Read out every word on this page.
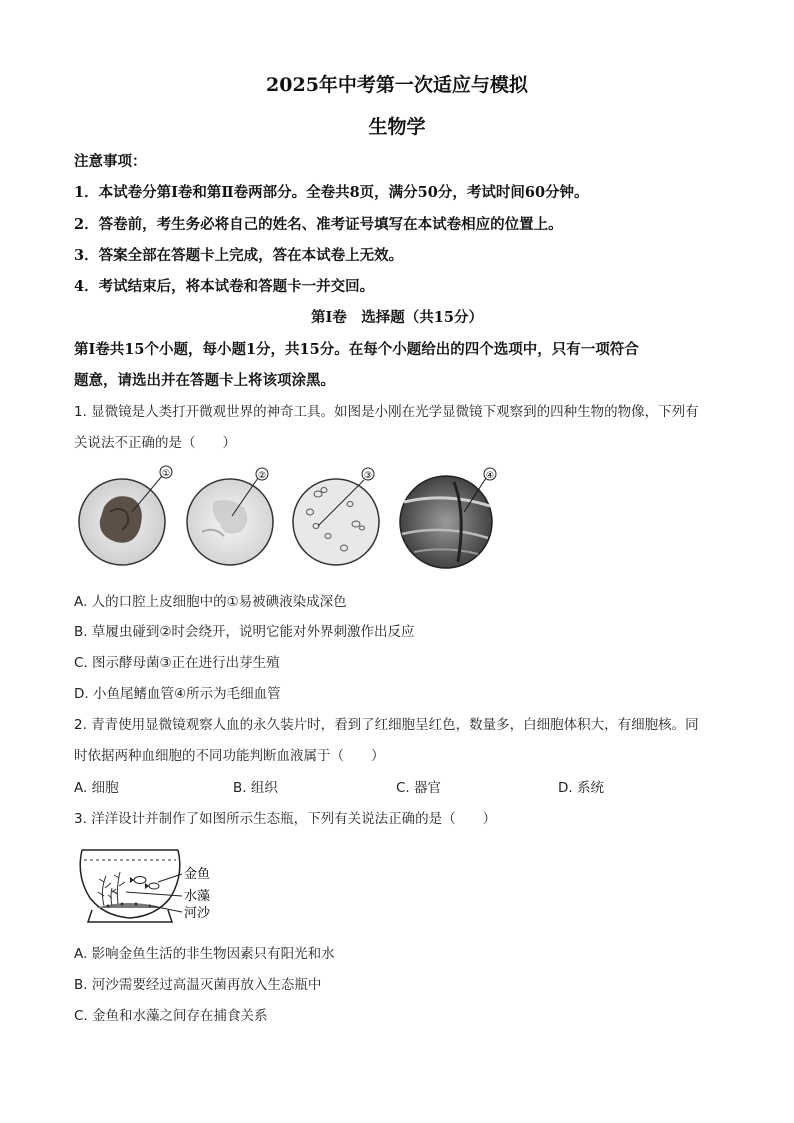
2025年中考第一次适应与模拟
生物学
注意事项：
1．本试卷分第Ⅰ卷和第Ⅱ卷两部分。全卷共8页，满分50分，考试时间60分钟。
2．答卷前，考生务必将自己的姓名、准考证号填写在本试卷相应的位置上。
3．答案全部在答题卡上完成，答在本试卷上无效。
4．考试结束后，将本试卷和答题卡一并交回。
第Ⅰ卷　选择题（共15分）
第Ⅰ卷共15个小题，每小题1分，共15分。在每个小题给出的四个选项中，只有一项符合
题意，请选出并在答题卡上将该项涂黑。
1. 显微镜是人类打开微观世界的神奇工具。如图是小刚在光学显微镜下观察到的四种生物的物像，下列有
关说法不正确的是（　　）
①	②	③	④
A. 人的口腔上皮细胞中的①易被碘液染成深色
B. 草履虫碰到②时会绕开，说明它能对外界刺激作出反应
C. 图示酵母菌③正在进行出芽生殖
D. 小鱼尾鳍血管④所示为毛细血管
2. 青青使用显微镜观察人血的永久装片时，看到了红细胞呈红色，数量多，白细胞体积大，有细胞核。同
时依据两种血细胞的不同功能判断血液属于（　　）
A. 细胞	B. 组织	C. 器官	D. 系统
3. 洋洋设计并制作了如图所示生态瓶，下列有关说法正确的是（　　）
金鱼
水藻
河沙
A. 影响金鱼生活的非生物因素只有阳光和水
B. 河沙需要经过高温灭菌再放入生态瓶中
C. 金鱼和水藻之间存在捕食关系
